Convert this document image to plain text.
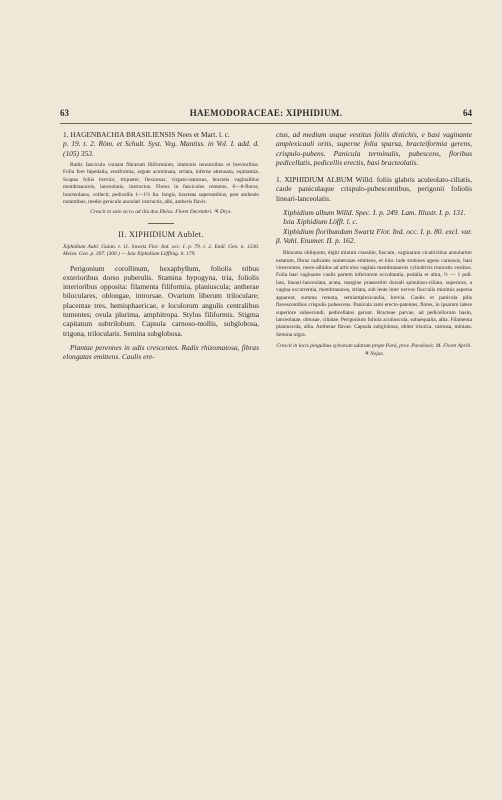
63	HAEMODORACEAE: XIPHIDIUM.	64

1. HAGENBACHIA BRASILIENSIS Nees et Mart. l. c.

p. 19. t. 2. Röm. et Schult. Syst. Veg. Mantiss. in Vol. I. add. d. (105) 353.

Radix fasciculo constat fibrarum filiformium, immixtis tenuioribus et brevioribus. Folia fere bipedalia, ensiformia, argute acuminata, striata, inferne attenuata, equitantia. Scapus foliis brevior, triqueter, flexuosus, virgato-ramosus, bracteis vaginalibus membranaceis, lanceolatis, instructus. Flores in fasciculos remotos, 6—8-floros, bracteolatos, collecti, pedicellis 1—1½ lin. longis, bracteas superantibus, post anthesin nutantibus, medio geniculo annulari instructis, albi, antheris flavis.

Crescit in solo sicco ad ilia dos Ilhéos. Floret Decembri. ♃ Drys.

II. XIPHIDIUM Aublet.

Xiphidium Aubl. Guian. t. 11. Swartz Flor. Ind. occ. I. p. 79. t. 2. Endl. Gen. n. 1230. Meisn. Gen. p. 397. (300.) — Ixia Xiphidium Löffling. it. 179.

Perigonium corollinum, hexaphyllum, foliolis tribus exterioribus dorso puberulis. Stamina hypogyna, tria, foliolis interioribus opposita: filamenta filiformia, planiuscula; antherae biloculares, oblongae, introrsae. Ovarium liberum triloculare; placentae tres, hemisphaericae, e loculorum angulis centralibus tumentes; ovula plurima, amphitropa. Stylus filiformis. Stigma capitatum subtrilobum. Capsula carnoso-mollis, subglobosa, trigona, trilocularis. Semina subglobosa.

Plantae perennes in udis crescentes. Radix rhizomatosa, fibras elongatas emittens. Caulis ere-

ctus, ad medium usque vestitus foliis distichis, e basi vaginante amplexicauli ortis, superne folia sparsa, bracteiformia gerens, crispulo-pubens. Panicula terminalis, pubescens, floribus pedicellatis, pedicellis erectis, basi bracteolatis.

1. XIPHIDIUM ALBUM Willd. foliis glabris aculeolato-ciliatis, caule paniculaque crispulo-pubescentibus, perigonii foliolis lineari-lanceolatis.

Xiphidium album Willd. Spec. I. p. 249. Lam. Illustr. I. p. 131.

Ixia Xiphidium Löffl. l. c.

Xiphidium floribundum Swartz Flor. Ind. occ. I. p. 80. excl. var. β. Vahl. Enumer. II. p. 162.

Rhizoma obliquum, digiti minimi crassitie, fuscum, vaginarum cicatricibus annulariter notatum, fibras radicales numerosas emittens, et hinc inde stolones agens carnosos, basi virescentes, roseo-albidos ad articulos vaginis membranaceis cylindricis truncatis vestitos. Folia basi vaginante caulis partem inferiorem occultantia, pedalia et ultra, ½ — 1 poll. lata, lineari-lanceolata, acuta, margine praesertim dorsali spinuloso-ciliata, superiora, a vagina excurrentia, membranacea, striata, sub lente inter nervos flocculis minimis aspersa apparent, summa remota, semiamplexicaulia, brevia. Caulis et panicula pilis flavescentibus crispulis pubescens. Panicula rami erecto-patentes, flores, in ipsarum latere superiore subsecundi, pedicellatos gerunt. Bracteae parvae, ad pedicellorum basin, lanceolatae, obtusae, ciliatae. Perigonium foliola acutiuscula, subaequalia, alba. Filamenta planiuscula, alba. Antherae flavae. Capsula subglobosa, obiter trisulca, carnosa, miniata. Semina nigra.

Crescit in locis pinguibus sylvarum udarum prope Pará, prov. Paraënsis: M. Floret Aprili. ♃ Nejas.
